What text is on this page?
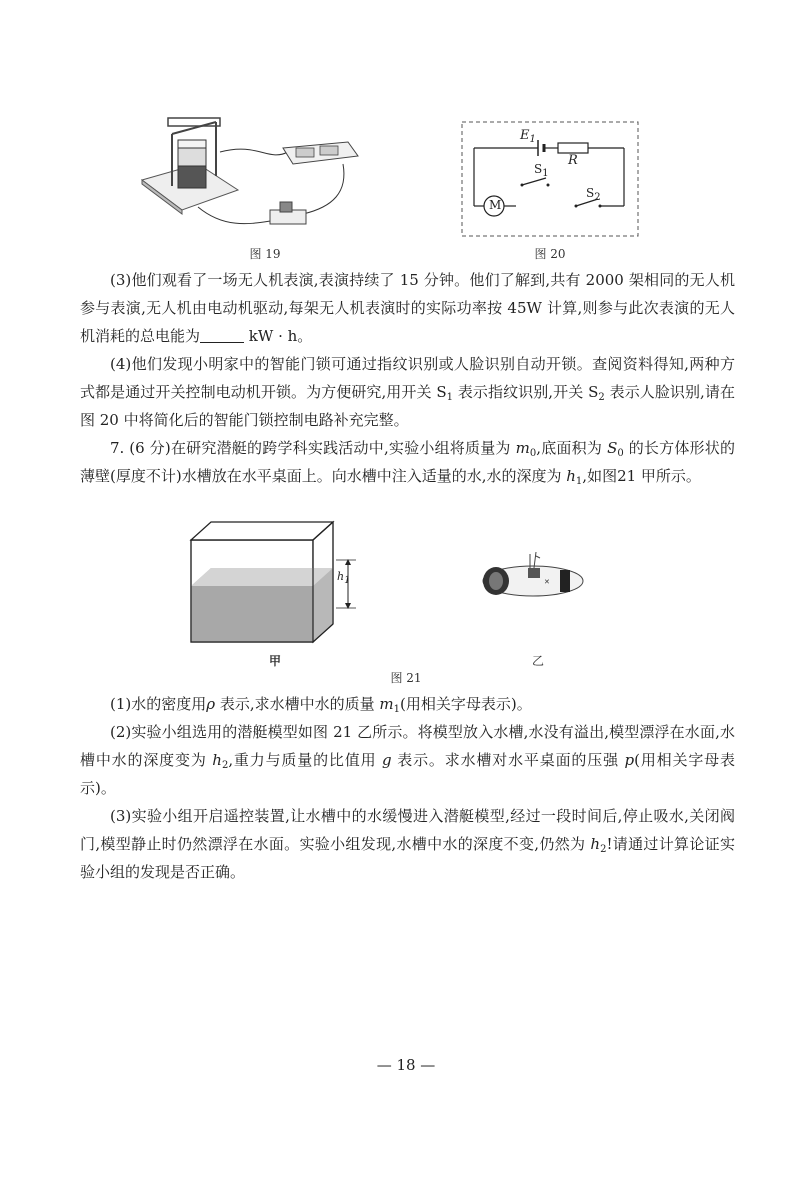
图 19
$E_1$
R
$S_1$
$S_2$
M
图 20

(3)他们观看了一场无人机表演,表演持续了 15 分钟。他们了解到,共有 2000 架相同的无人机参与表演,无人机由电动机驱动,每架无人机表演时的实际功率按 45W 计算,则参与此次表演的无人机消耗的总电能为	kW · h。

(4)他们发现小明家中的智能门锁可通过指纹识别或人脸识别自动开锁。查阅资料得知,两种方式都是通过开关控制电动机开锁。为方便研究,用开关 $S_1$ 表示指纹识别,开关 $S_2$ 表示人脸识别,请在图 20 中将简化后的智能门锁控制电路补充完整。

7. (6 分)在研究潜艇的跨学科实践活动中,实验小组将质量为 $m_0$,底面积为 $S_0$ 的长方体形状的薄壁(厚度不计)水槽放在水平桌面上。向水槽中注入适量的水,水的深度为 $h_1$,如图21 甲所示。

$h_1$	✕
甲	乙
图 21

(1)水的密度用ρ 表示,求水槽中水的质量 $m_1$(用相关字母表示)。

(2)实验小组选用的潜艇模型如图 21 乙所示。将模型放入水槽,水没有溢出,模型漂浮在水面,水槽中水的深度变为 $h_2$,重力与质量的比值用 g 表示。求水槽对水平桌面的压强 p(用相关字母表示)。

(3)实验小组开启遥控装置,让水槽中的水缓慢进入潜艇模型,经过一段时间后,停止吸水,关闭阀门,模型静止时仍然漂浮在水面。实验小组发现,水槽中水的深度不变,仍然为 $h_2$!请通过计算论证实验小组的发现是否正确。

— 18 —
